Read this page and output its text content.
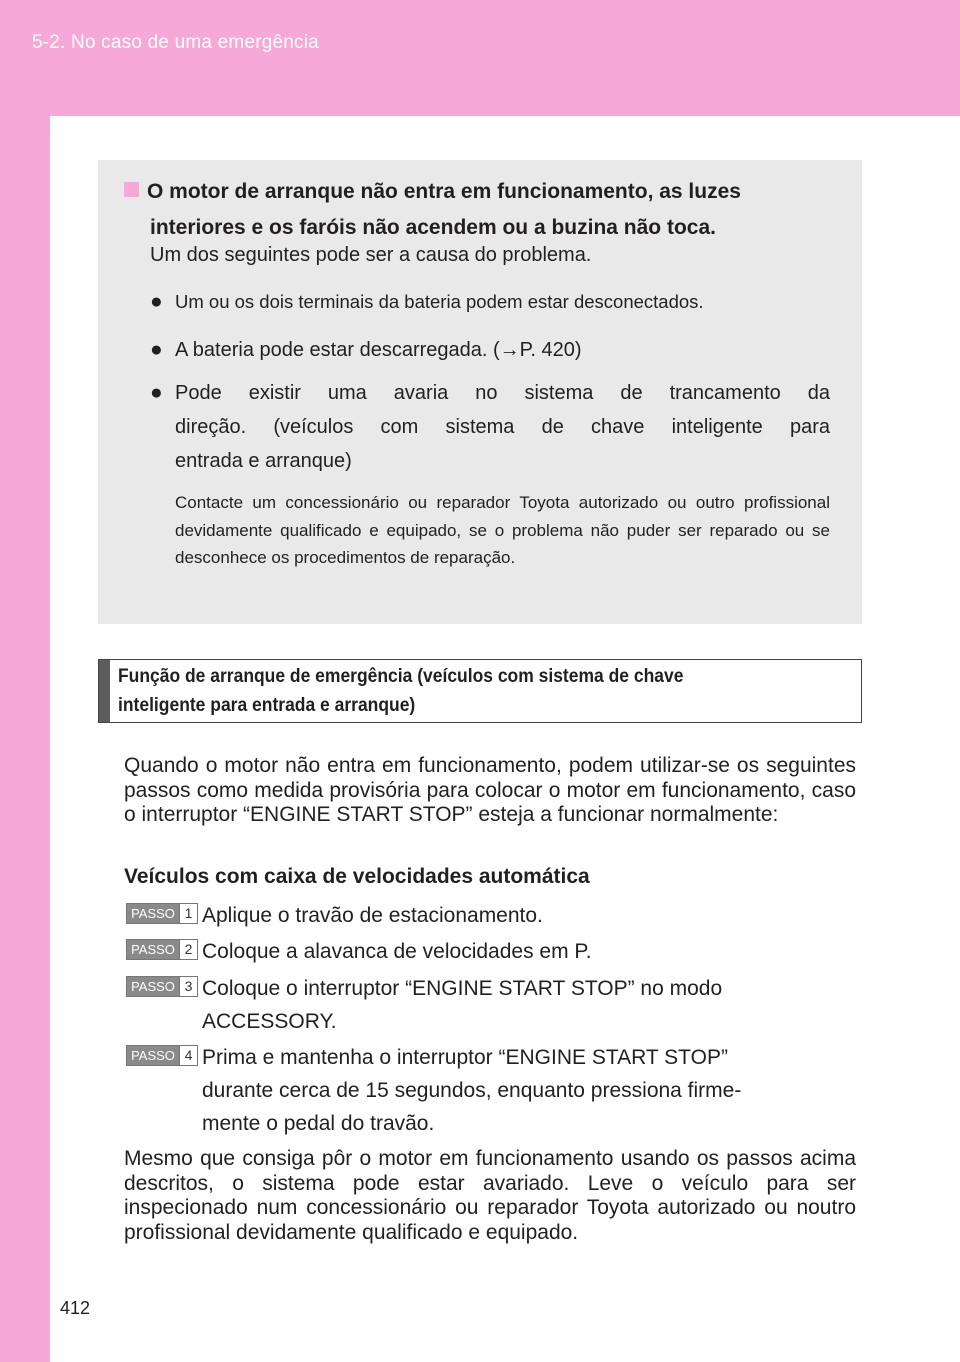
5-2. No caso de uma emergência
O motor de arranque não entra em funcionamento, as luzes
interiores e os faróis não acendem ou a buzina não toca.
Um dos seguintes pode ser a causa do problema.
● Um ou os dois terminais da bateria podem estar desconectados.
● A bateria pode estar descarregada. (→P. 420)
● Pode existir uma avaria no sistema de trancamento da
direção. (veículos com sistema de chave inteligente para
entrada e arranque)
Contacte um concessionário ou reparador Toyota autorizado ou outro profissional devidamente qualificado e equipado, se o problema não puder ser reparado ou se desconhece os procedimentos de reparação.
Função de arranque de emergência (veículos com sistema de chave
inteligente para entrada e arranque)
Quando o motor não entra em funcionamento, podem utilizar-se os seguintes passos como medida provisória para colocar o motor em funcionamento, caso o interruptor “ENGINE START STOP” esteja a funcionar normalmente:
Veículos com caixa de velocidades automática
PASSO 1 Aplique o travão de estacionamento.
PASSO 2 Coloque a alavanca de velocidades em P.
PASSO 3 Coloque o interruptor “ENGINE START STOP” no modo
ACCESSORY.
PASSO 4 Prima e mantenha o interruptor “ENGINE START STOP”
durante cerca de 15 segundos, enquanto pressiona firme-
mente o pedal do travão.
Mesmo que consiga pôr o motor em funcionamento usando os passos acima descritos, o sistema pode estar avariado. Leve o veículo para ser inspecionado num concessionário ou reparador Toyota autorizado ou noutro profissional devidamente qualificado e equipado.
412
